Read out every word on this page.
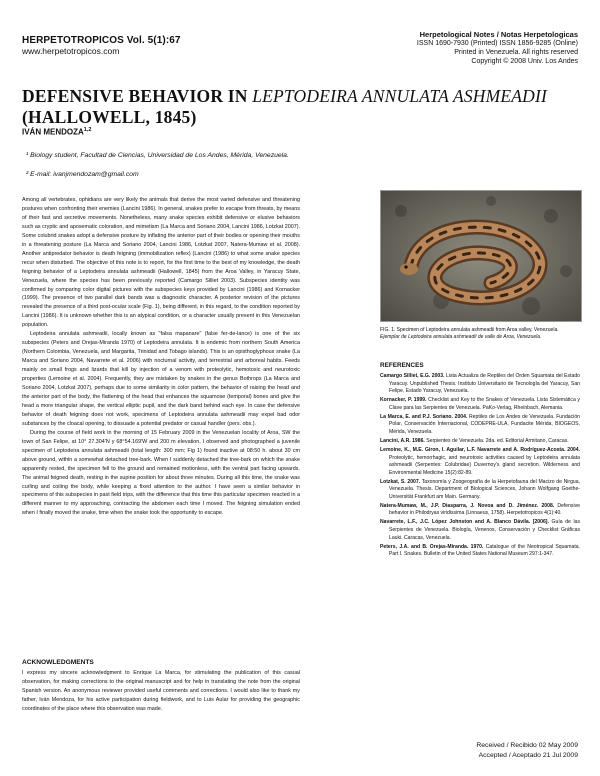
HERPETOTROPICOS Vol. 5(1):67
www.herpetotropicos.com
Herpetological Notes / Notas Herpetologicas
ISSN 1690-7930 (Printed) ISSN 1856-9285 (Online)
Printed in Venezuela. All rights reserved
Copyright © 2008 Univ. Los Andes
DEFENSIVE BEHAVIOR IN LEPTODEIRA ANNULATA ASHMEADII
(HALLOWELL, 1845)
IVÁN MENDOZA$^{1,2}$
¹ Biology student, Facultad de Ciencias, Universidad de Los Andes, Mérida, Venezuela.
² E-mail: ivanjmendozam@gmail.com

Among all vertebrates, ophidians are very likely the animals that derive the most varied defensive and threatening postures when confronting their enemies (Lancini 1986). In general, snakes prefer to escape from threats, by means of their fast and secretive movements. Nonetheless, many snake species exhibit defensive or elusive behaviors such as cryptic and aposematic coloration, and mimetism (La Marca and Soriano 2004, Lancini 1986, Lotzkat 2007). Some colubrid snakes adopt a defensive posture by inflating the anterior part of their bodies or opening their mouths in a threatening posture (La Marca and Soriano 2004, Lancini 1986, Lotzkat 2007, Natera-Mumaw et al. 2008). Another antipredator behavior is death feigning (immobilization reflex) (Lancini (1986) to what some snake species recur when disturbed. The objective of this note is to report, for the first time to the best of my knowledge, the death feigning behavior of a Leptodeira annulata ashmeadii (Hallowell, 1845) from the Aroa Valley, in Yaracuy State, Venezuela, where the species has been previously reported (Camargo Silliet 2003). Subspecies identity was confirmed by comparing color digital pictures with the subspecies keys provided by Lancini (1986) and Kornacker (1999). The presence of two parallel dark bands was a diagnostic character. A posterior revision of the pictures revealed the presence of a third post-ocular scale (Fig. 1), being different, in this regard, to the condition reported by Lancini (1986). It is unknown whether this is an atypical condition, or a character usually present in this Venezuelan population.

Leptodeira annulata ashmeadii, locally known as "falsa mapanare" (false fer-de-lance) is one of the six subspecies (Peters and Orejas-Miranda 1970) of Leptodeira annulata. It is endemic from northern South America (Northern Colombia, Venezuela, and Margarita, Trinidad and Tobago islands). This is an opisthoglyphous snake (La Marca and Soriano 2004, Navarrete et al. 2006) with nocturnal activity, and terrestrial and arboreal habits. Feeds mainly on small frogs and lizards that kill by injection of a venom with proteolytic, hemotoxic and neurotoxic properties (Lemoine et al. 2004). Frequently, they are mistaken by snakes in the genus Bothrops (La Marca and Soriano 2004, Lotzkat 2007), perhaps due to some similarity in color pattern, the behavior of raising the head and the anterior part of the body, the flattening of the head that enhances the squamose (temporal) bones and give the head a more triangular shape, the vertical elliptic pupil, and the dark band behind each eye. In case the defensive behavior of death feigning does not work, specimens of Leptodeira annulata ashmeadii may expel bad odor substances by the cloacal opening, to dissuade a potential predator or casual handler (pers. obs.).

During the course of field work in the morning of 15 February 2009 in the Venezuelan locality of Aroa, SW the town of San Felipe, at 10° 27.304'N y 68°54.169'W and 200 m elevation, I observed and photographed a juvenile specimen of Leptodeira annulata ashmeadii (total length: 300 mm; Fig 1) found inactive at 08:50 h. about 30 cm above ground, within a somewhat detached tree-bark. When I suddenly detached the tree-bark on which the snake apparently rested, the specimen fell to the ground and remained motionless, with the ventral part facing upwards. The animal feigned death, resting in the supine position for about three minutes. During all this time, the snake was curling and coiling the body, while keeping a fixed attention to the author. I have seen a similar behavior in specimens of this subspecies in past field trips, with the difference that this time this particular specimen reacted in a different manner to my approaching, contracting the abdomen each time I moved. The feigning simulation ended when I finally moved the snake, time when the snake took the opportunity to escape.

ACKNOWLEDGMENTS

I express my sincere acknowledgment to Enrique La Marca, for stimulating the publication of this casual observation, for making corrections to the original manuscript and for help in translating the note from the original Spanish version. An anonymous reviewer provided useful comments and corrections. I would also like to thank my father, Iván Mendoza, for his active participation during fieldwork, and to Luis Aular for providing the geographic coordinates of the place where this observation was made.

FIG. 1. Specimen of Leptodeira annulata ashmeadii from Aroa valley, Venezuela.
Ejemplar de Leptodeira annulata ashmeadii de valle de Aroa, Venezuela.
REFERENCES
Camargo Silliet, E.G. 2003. Lista Actualiza de Reptiles del Orden Squamata del Estado Yaracuy. Unpublished Thesis. Instituto Universitario de Tecnología del Yaracuy, San Felipe, Estado Yaracuy, Venezuela.
Kornacker, P. 1999. Checklist and Key to the Snakes of Venezuela. Lista Sistemática y Clave para las Serpientes de Venezuela. PaKo-Verlag, Rheinbach, Alemania.
La Marca, E. and P.J. Soriano. 2004. Reptiles de Los Andes de Venezuela. Fundación Polar, Conservación Internacional, CODEPRE-ULA, Fundacite Mérida, BIOGEOS, Mérida, Venezuela.
Lancini, A.R. 1986. Serpientes de Venezuela. 2da. ed. Editorial Armitano, Caracas.
Lemoine, K., M.E. Giron, I. Aguilar, L.F. Navarrete and A. Rodríguez-Acosta. 2004. Proteolytic, hemorrhagic, and neurotoxic activities caused by Leptodeira annulata ashmeadii (Serpentes: Colubridae) Duvernoy's gland secretion. Wilderness and Environmental Medicine 15(2):82-89.
Lotzkat, S. 2007. Taxonomía y Zoogeografía de la Herpetofauna del Macizo de Nirgua, Venezuela. Thesis. Department of Biological Sciences, Johann Wolfgang Goethe-Universität Frankfurt am Main. Germany.
Natera-Mumaw, M., J.P. Diasparra, J. Novoa and D. Jiménez. 2008. Defensive behavior in Philodryas viridissima (Linnaeus, 1758). Herpetotropicos 4(1):40.
Navarrete, L.F., J.C. López Johnston and A. Blanco Dávila. [2006]. Guía de las Serpientes de Venezuela. Biología, Venenos, Conservación y Checklist Gráficas Lauki. Caracas, Venezuela.
Peters, J.A. and B. Orejas-Miranda. 1970. Catalogue of the Neotropical Squamata. Part I. Snakes. Bulletin of the United States National Museum 297:1-347.
Received / Recibido 02 May 2009
Accepted / Aceptado 21 Jul 2009
